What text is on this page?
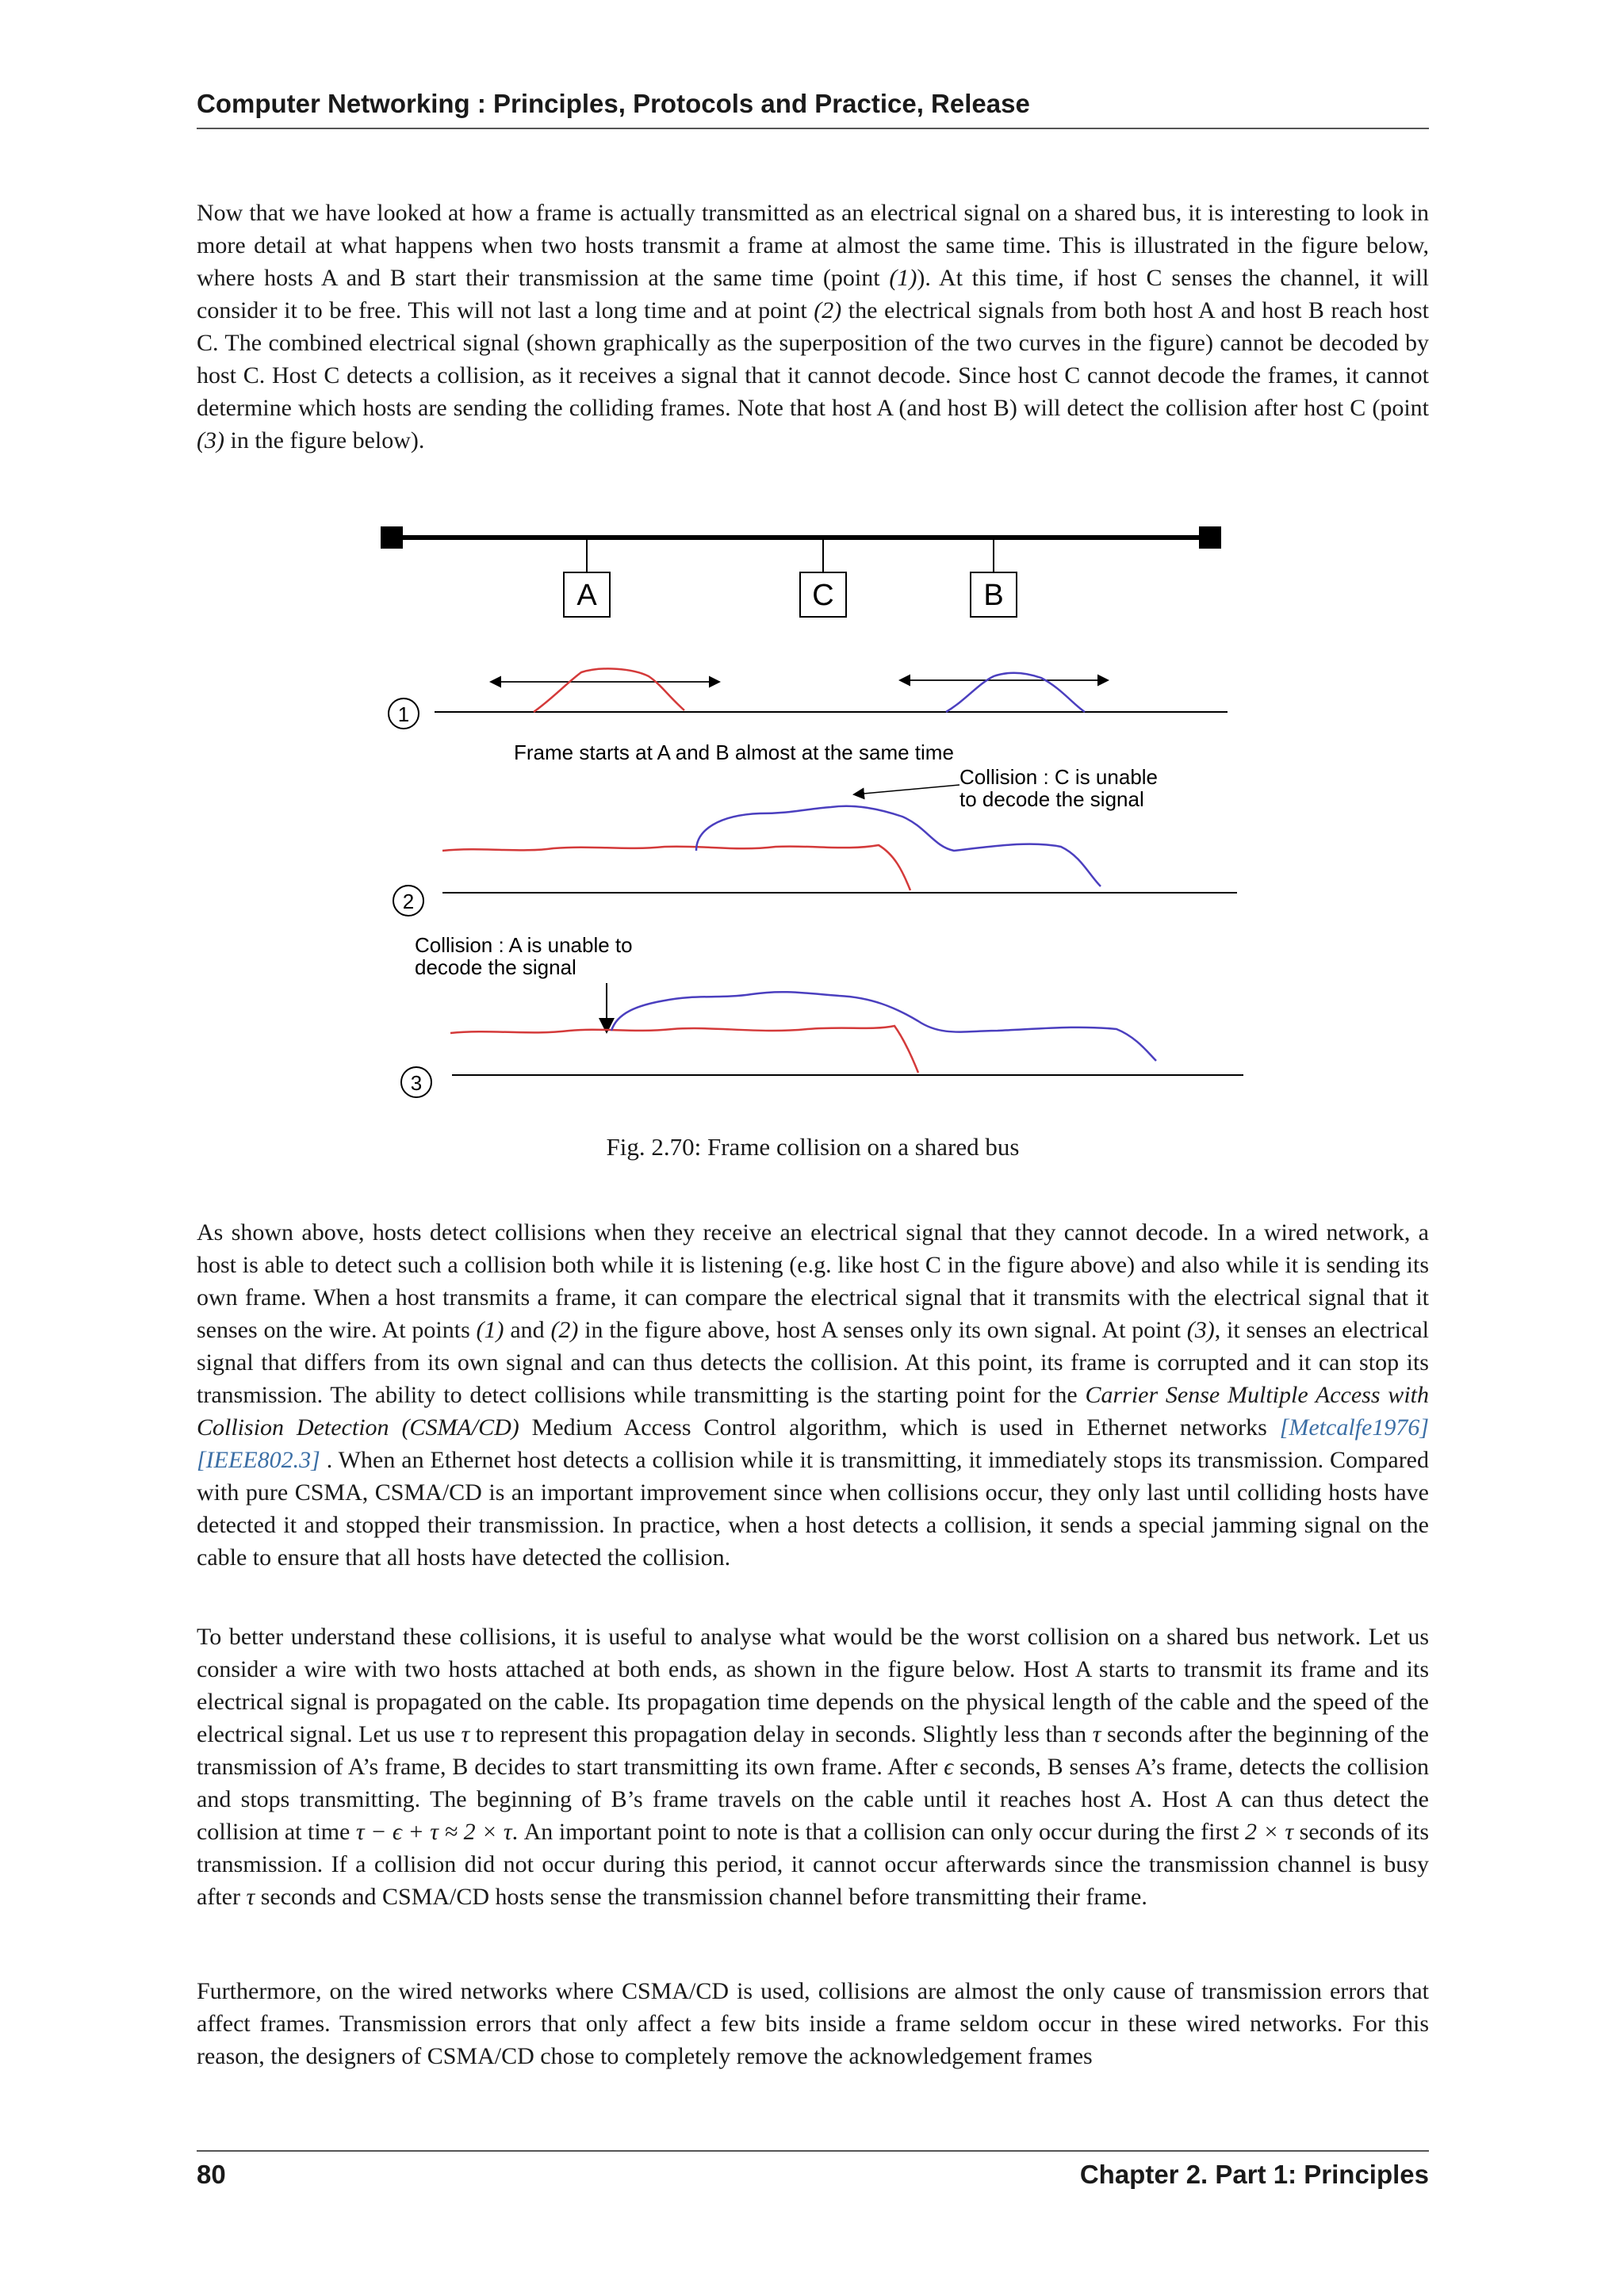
Computer Networking : Principles, Protocols and Practice, Release

Now that we have looked at how a frame is actually transmitted as an electrical signal on a shared bus, it is interesting to look in more detail at what happens when two hosts transmit a frame at almost the same time. This is illustrated in the figure below, where hosts A and B start their transmission at the same time (point (1)). At this time, if host C senses the channel, it will consider it to be free. This will not last a long time and at point (2) the electrical signals from both host A and host B reach host C. The combined electrical signal (shown graphically as the superposition of the two curves in the figure) cannot be decoded by host C. Host C detects a collision, as it receives a signal that it cannot decode. Since host C cannot decode the frames, it cannot determine which hosts are sending the colliding frames. Note that host A (and host B) will detect the collision after host C (point (3) in the figure below).

A	C	B
1
Frame starts at A and B almost at the same time
Collision : C is unable
to decode the signal
2
Collision : A is unable to
decode the signal
3
Fig. 2.70: Frame collision on a shared bus

As shown above, hosts detect collisions when they receive an electrical signal that they cannot decode. In a wired network, a host is able to detect such a collision both while it is listening (e.g. like host C in the figure above) and also while it is sending its own frame. When a host transmits a frame, it can compare the electrical signal that it transmits with the electrical signal that it senses on the wire. At points (1) and (2) in the figure above, host A senses only its own signal. At point (3), it senses an electrical signal that differs from its own signal and can thus detects the collision. At this point, its frame is corrupted and it can stop its transmission. The ability to detect collisions while transmitting is the starting point for the Carrier Sense Multiple Access with Collision Detection (CSMA/CD) Medium Access Control algorithm, which is used in Ethernet networks [Metcalfe1976] [IEEE802.3] . When an Ethernet host detects a collision while it is transmitting, it immediately stops its transmission. Compared with pure CSMA, CSMA/CD is an important improvement since when collisions occur, they only last until colliding hosts have detected it and stopped their transmission. In practice, when a host detects a collision, it sends a special jamming signal on the cable to ensure that all hosts have detected the collision.

To better understand these collisions, it is useful to analyse what would be the worst collision on a shared bus network. Let us consider a wire with two hosts attached at both ends, as shown in the figure below. Host A starts to transmit its frame and its electrical signal is propagated on the cable. Its propagation time depends on the physical length of the cable and the speed of the electrical signal. Let us use τ to represent this propagation delay in seconds. Slightly less than τ seconds after the beginning of the transmission of A’s frame, B decides to start transmitting its own frame. After ϵ seconds, B senses A’s frame, detects the collision and stops transmitting. The beginning of B’s frame travels on the cable until it reaches host A. Host A can thus detect the collision at time τ − ϵ + τ ≈ 2 × τ. An important point to note is that a collision can only occur during the first 2 × τ seconds of its transmission. If a collision did not occur during this period, it cannot occur afterwards since the transmission channel is busy after τ seconds and CSMA/CD hosts sense the transmission channel before transmitting their frame.

Furthermore, on the wired networks where CSMA/CD is used, collisions are almost the only cause of transmission errors that affect frames. Transmission errors that only affect a few bits inside a frame seldom occur in these wired networks. For this reason, the designers of CSMA/CD chose to completely remove the acknowledgement frames

80	Chapter 2. Part 1: Principles
